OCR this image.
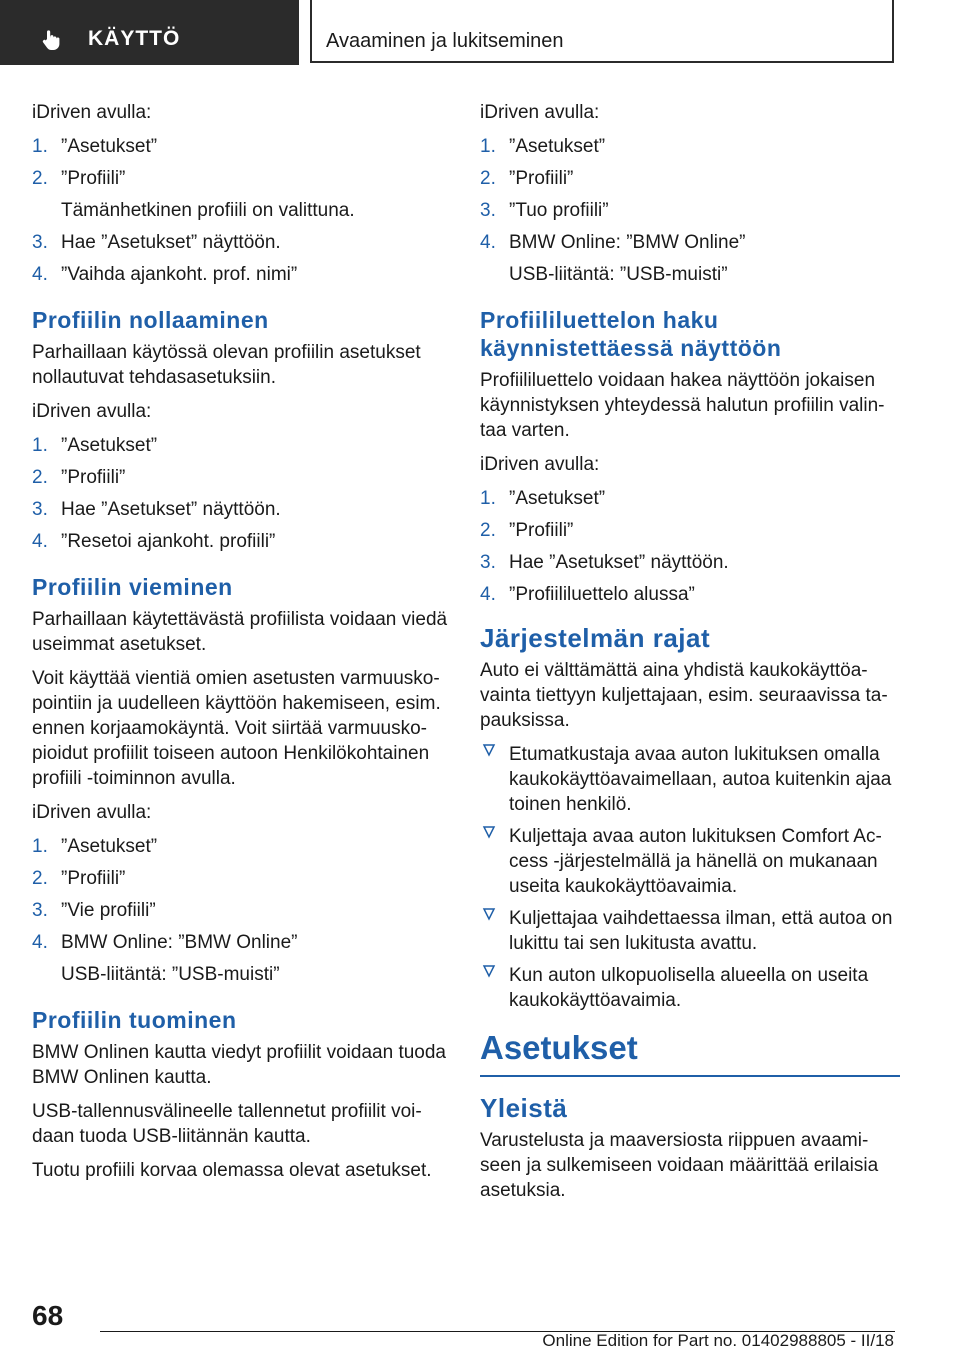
KÄYTTÖ	Avaaminen ja lukitseminen

iDriven avulla:

1. ”Asetukset”
2. ”Profiili”
Tämänhetkinen profiili on valittuna.
3. Hae ”Asetukset” näyttöön.
4. ”Vaihda ajankoht. prof. nimi”
Profiilin nollaaminen

Parhaillaan käytössä olevan profiilin asetukset nollautuvat tehdasasetuksiin.

iDriven avulla:

1. ”Asetukset”
2. ”Profiili”
3. Hae ”Asetukset” näyttöön.
4. ”Resetoi ajankoht. profiili”
Profiilin vieminen

Parhaillaan käytettävästä profiilista voidaan viedä useimmat asetukset.

Voit käyttää vientiä omien asetusten varmuuskopointiin ja uudelleen käyttöön hakemiseen, esim. ennen korjaamokäyntä. Voit siirtää varmuuskopioidut profiilit toiseen autoon Henkilökohtainen profiili -toiminnon avulla.

iDriven avulla:

1. ”Asetukset”
2. ”Profiili”
3. ”Vie profiili”
4. BMW Online: ”BMW Online”
USB-liitäntä: ”USB-muisti”
Profiilin tuominen

BMW Onlinen kautta viedyt profiilit voidaan tuoda BMW Onlinen kautta.

USB-tallennusvälineelle tallennetut profiilit voidaan tuoda USB-liitännän kautta.

Tuotu profiili korvaa olemassa olevat asetukset.

iDriven avulla:

1. ”Asetukset”
2. ”Profiili”
3. ”Tuo profiili”
4. BMW Online: ”BMW Online”
USB-liitäntä: ”USB-muisti”
Profiililuettelon haku käynnistettäessä näyttöön

Profiililuettelo voidaan hakea näyttöön jokaisen käynnistyksen yhteydessä halutun profiilin valintaa varten.

iDriven avulla:

1. ”Asetukset”
2. ”Profiili”
3. Hae ”Asetukset” näyttöön.
4. ”Profiililuettelo alussa”
Järjestelmän rajat

Auto ei välttämättä aina yhdistä kaukokäyttöavainta tiettyyn kuljettajaan, esim. seuraavissa tapauksissa.

Etumatkustaja avaa auton lukituksen omalla kaukokäyttöavaimellaan, autoa kuitenkin ajaa toinen henkilö.
Kuljettaja avaa auton lukituksen Comfort Access -järjestelmällä ja hänellä on mukanaan useita kaukokäyttöavaimia.
Kuljettajaa vaihdettaessa ilman, että autoa on lukittu tai sen lukitusta avattu.
Kun auton ulkopuolisella alueella on useita kaukokäyttöavaimia.
Asetukset
Yleistä

Varustelusta ja maaversiosta riippuen avaamiseen ja sulkemiseen voidaan määrittää erilaisia asetuksia.

68
Online Edition for Part no. 01402988805 - II/18
